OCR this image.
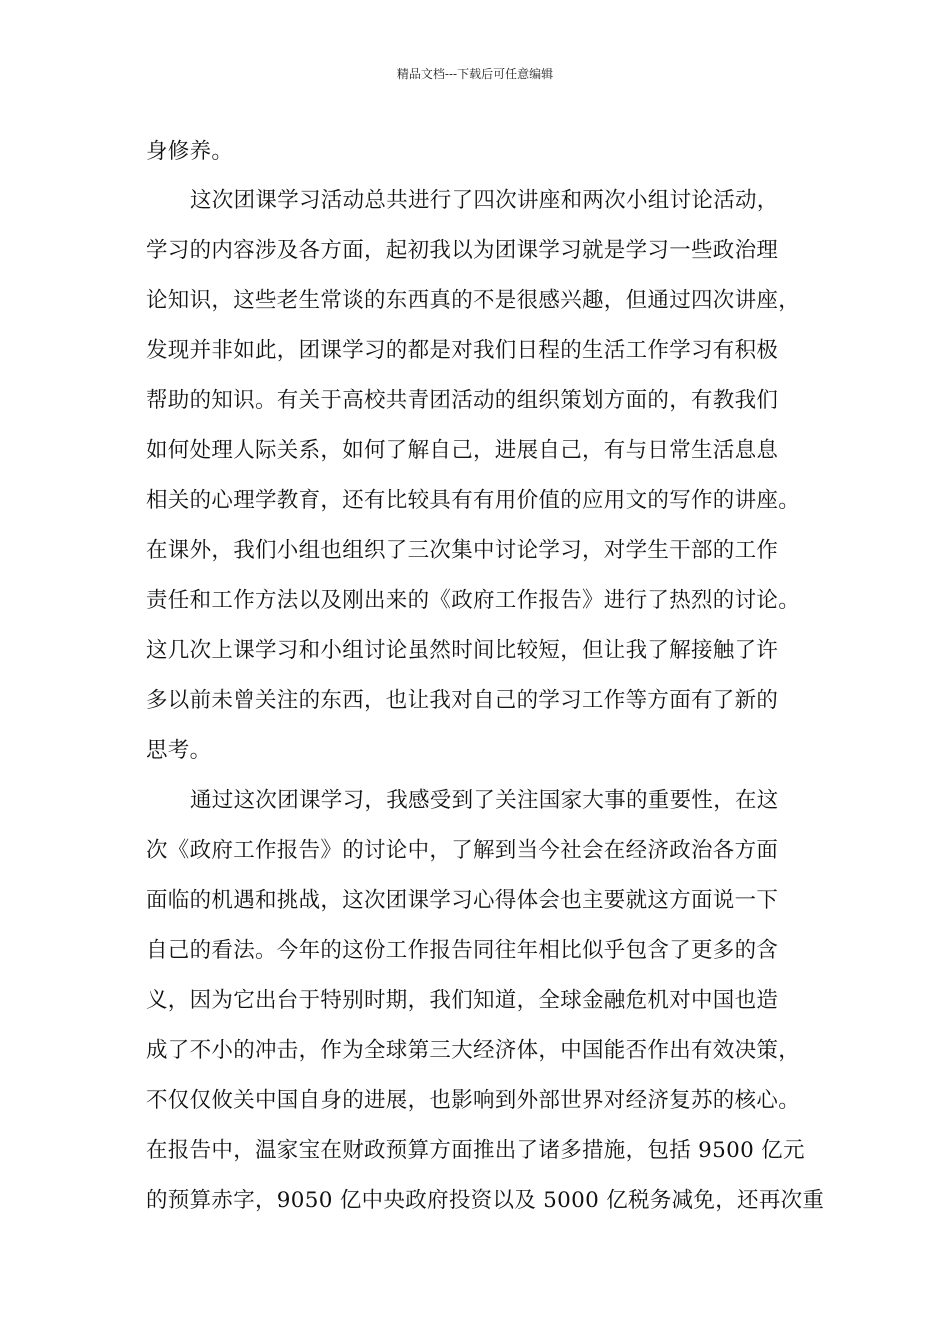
精品文档---下载后可任意编辑
身修养。
这次团课学习活动总共进行了四次讲座和两次小组讨论活动，
学习的内容涉及各方面，起初我以为团课学习就是学习一些政治理
论知识，这些老生常谈的东西真的不是很感兴趣，但通过四次讲座，
发现并非如此，团课学习的都是对我们日程的生活工作学习有积极
帮助的知识。有关于高校共青团活动的组织策划方面的，有教我们
如何处理人际关系，如何了解自己，进展自己，有与日常生活息息
相关的心理学教育，还有比较具有有用价值的应用文的写作的讲座。
在课外，我们小组也组织了三次集中讨论学习，对学生干部的工作
责任和工作方法以及刚出来的《政府工作报告》进行了热烈的讨论。
这几次上课学习和小组讨论虽然时间比较短，但让我了解接触了许
多以前未曾关注的东西，也让我对自己的学习工作等方面有了新的
思考。
通过这次团课学习，我感受到了关注国家大事的重要性，在这
次《政府工作报告》的讨论中，了解到当今社会在经济政治各方面
面临的机遇和挑战，这次团课学习心得体会也主要就这方面说一下
自己的看法。今年的这份工作报告同往年相比似乎包含了更多的含
义，因为它出台于特别时期，我们知道，全球金融危机对中国也造
成了不小的冲击，作为全球第三大经济体，中国能否作出有效决策，
不仅仅攸关中国自身的进展，也影响到外部世界对经济复苏的核心。
在报告中，温家宝在财政预算方面推出了诸多措施，包括 9500 亿元
的预算赤字，9050 亿中央政府投资以及 5000 亿税务减免，还再次重
